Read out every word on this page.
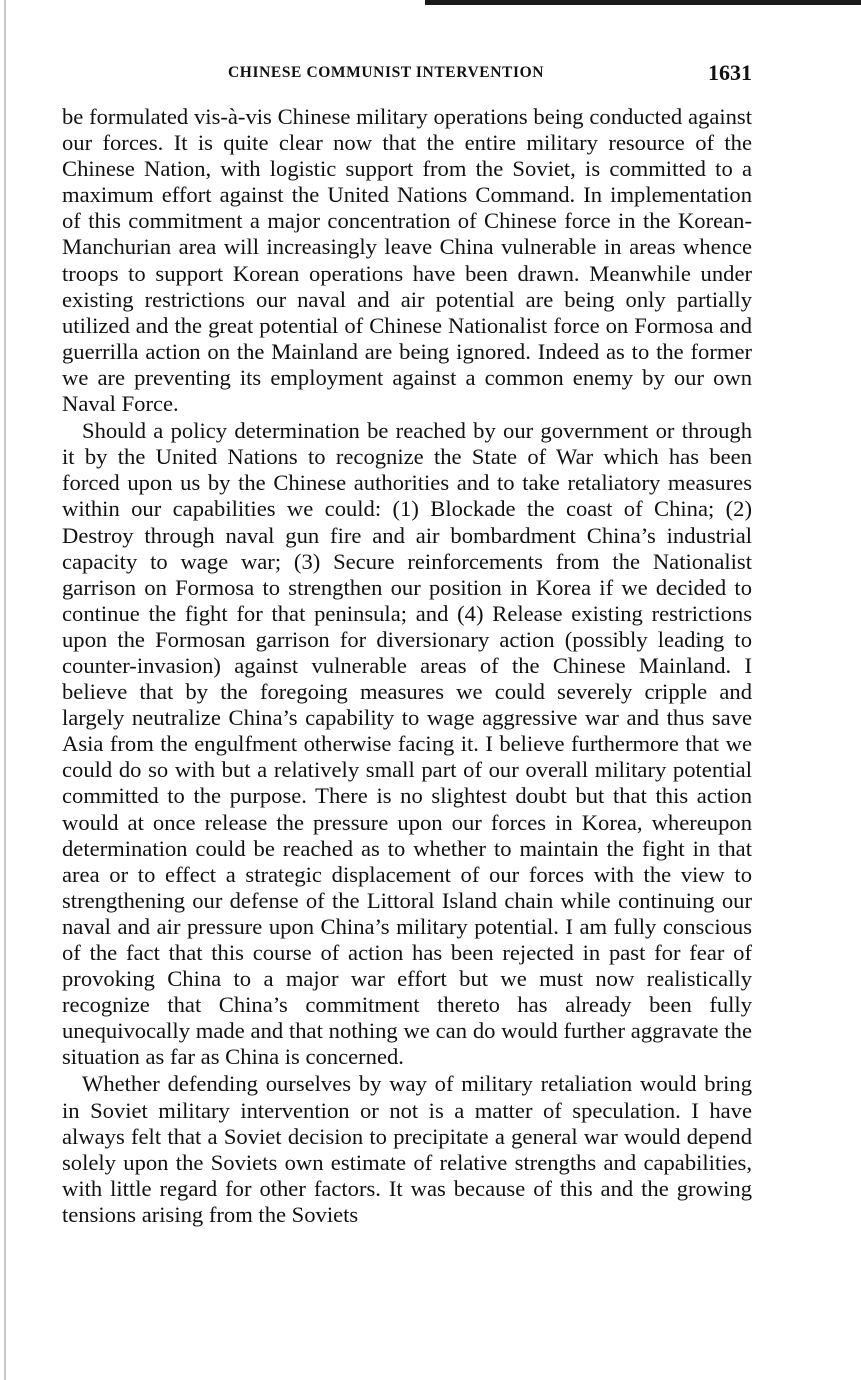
CHINESE COMMUNIST INTERVENTION	1631

be formulated vis-à-vis Chinese military operations being conducted against our forces. It is quite clear now that the entire military resource of the Chinese Nation, with logistic support from the Soviet, is committed to a maximum effort against the United Nations Command. In implementation of this commitment a major concentration of Chinese force in the Korean-Manchurian area will increasingly leave China vulnerable in areas whence troops to support Korean operations have been drawn. Meanwhile under existing restrictions our naval and air potential are being only partially utilized and the great potential of Chinese Nationalist force on Formosa and guerrilla action on the Mainland are being ignored. Indeed as to the former we are preventing its employment against a common enemy by our own Naval Force.

Should a policy determination be reached by our government or through it by the United Nations to recognize the State of War which has been forced upon us by the Chinese authorities and to take retaliatory measures within our capabilities we could: (1) Blockade the coast of China; (2) Destroy through naval gun fire and air bombardment China’s industrial capacity to wage war; (3) Secure reinforcements from the Nationalist garrison on Formosa to strengthen our position in Korea if we decided to continue the fight for that peninsula; and (4) Release existing restrictions upon the Formosan garrison for diversionary action (possibly leading to counter-invasion) against vulnerable areas of the Chinese Mainland. I believe that by the foregoing measures we could severely cripple and largely neutralize China’s capability to wage aggressive war and thus save Asia from the engulfment otherwise facing it. I believe furthermore that we could do so with but a relatively small part of our overall military potential committed to the purpose. There is no slightest doubt but that this action would at once release the pressure upon our forces in Korea, whereupon determination could be reached as to whether to maintain the fight in that area or to effect a strategic displacement of our forces with the view to strengthening our defense of the Littoral Island chain while continuing our naval and air pressure upon China’s military potential. I am fully conscious of the fact that this course of action has been rejected in past for fear of provoking China to a major war effort but we must now realistically recognize that China’s commitment thereto has already been fully unequivocally made and that nothing we can do would further aggravate the situation as far as China is concerned.

Whether defending ourselves by way of military retaliation would bring in Soviet military intervention or not is a matter of speculation. I have always felt that a Soviet decision to precipitate a general war would depend solely upon the Soviets own estimate of relative strengths and capabilities, with little regard for other factors. It was because of this and the growing tensions arising from the Soviets
